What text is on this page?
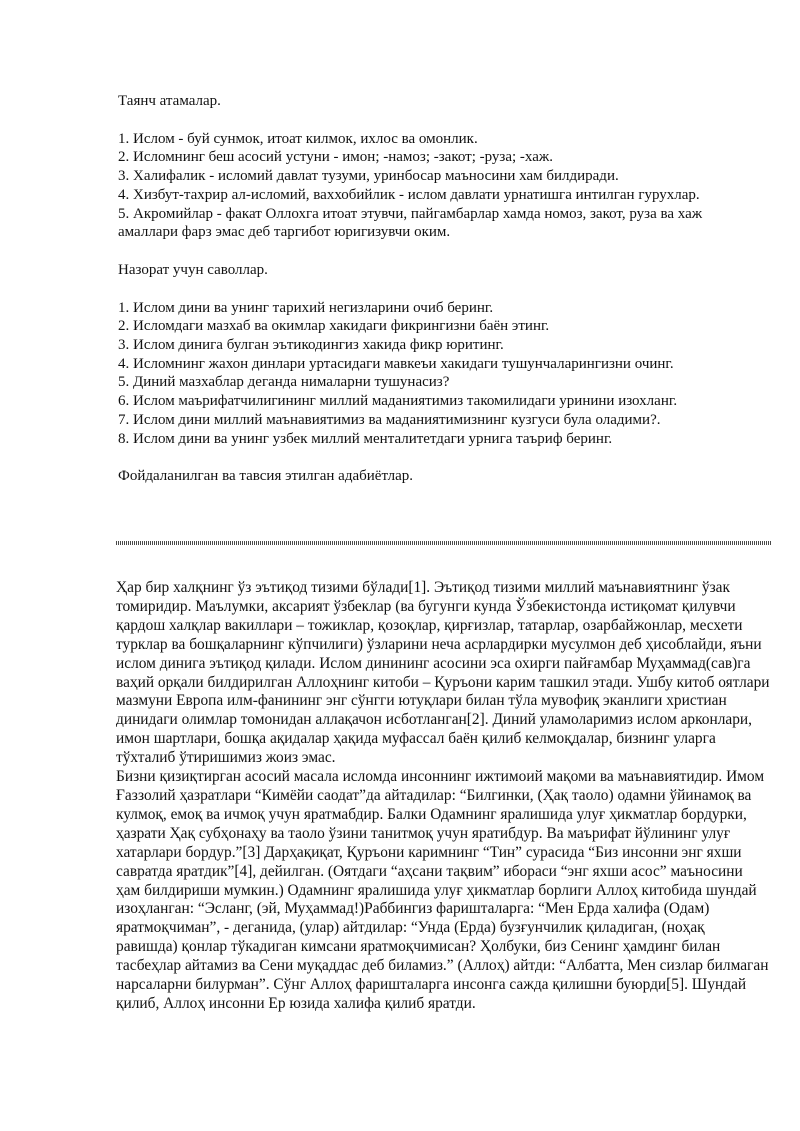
Таянч атамалар.

1. Ислом - буй сунмок, итоат килмок, ихлос ва омонлик.
2. Исломнинг беш асосий устуни - имон; -намоз; -закот; -руза; -хаж.
3. Халифалик - исломий давлат тузуми, уринбосар маъносини хам билдиради.
4. Хизбут-тахрир ал-исломий, ваххобийлик - ислом давлати урнатишга интилган гурухлар.
5. Акромийлар - факат Оллохга итоат этувчи, пайгамбарлар хамда номоз, закот, руза ва хаж амаллари фарз эмас деб таргибот юригизувчи оким.

Назорат учун саволлар.

1. Ислом дини ва унинг тарихий негизларини очиб беринг.
2. Исломдаги мазхаб ва окимлар хакидаги фикрингизни баён этинг.
3. Ислом динига булган эътикодингиз хакида фикр юритинг.
4. Исломнинг жахон динлари уртасидаги мавкеъи хакидаги тушунчаларингизни очинг.
5. Диний мазхаблар деганда нималарни тушунасиз?
6. Ислом маърифатчилигининг миллий маданиятимиз такомилидаги уринини изохланг.
7. Ислом дини миллий маънавиятимиз ва маданиятимизнинг кузгуси була оладими?.
8. Ислом дини ва унинг узбек миллий менталитетдаги урнига таъриф беринг.

Фойдаланилган ва тавсия этилган адабиётлар.

Ҳар бир халқнинг ўз эътиқод тизими бўлади[1]. Эътиқод тизими миллий маънавиятнинг ўзак томиридир. Маълумки, аксарият ўзбеклар (ва бугунги кунда Ўзбекистонда истиқомат қилувчи қардош халқлар вакиллари – тожиклар, қозоқлар, қирғизлар, татарлар, озарбайжонлар, месхети турклар ва бошқаларнинг кўпчилиги) ўзларини неча асрлардирки мусулмон деб ҳисоблайди, яъни ислом динига эътиқод қилади. Ислом динининг асосини эса охирги пайғамбар Муҳаммад(сав)га ваҳий орқали билдирилган Аллоҳнинг китоби – Қуръони карим ташкил этади. Ушбу китоб оятлари мазмуни Европа илм-фанининг энг сўнгги ютуқлари билан тўла мувофиқ эканлиги христиан динидаги олимлар томонидан аллақачон исботланган[2]. Диний уламоларимиз ислом арконлари, имон шартлари, бошқа ақидалар ҳақида муфассал баён қилиб келмоқдалар, бизнинг уларга тўхталиб ўтиришимиз жоиз эмас.

Бизни қизиқтирган асосий масала исломда инсоннинг ижтимоий мақоми ва маънавиятидир. Имом Ғаззолий ҳазратлари “Кимёйи саодат”да айтадилар: “Билгинки, (Ҳақ таоло) одамни ўйинамоқ ва кулмоқ, емоқ ва ичмоқ учун яратмабдир. Балки Одамнинг яралишида улуғ ҳикматлар бордурки, ҳазрати Ҳақ субҳонаҳу ва таоло ўзини танитмоқ учун яратибдур. Ва маърифат йўлининг улуғ хатарлари бордур.”[3] Дарҳақиқат, Қуръони каримнинг “Тин” сурасида “Биз инсонни энг яхши савратда яратдик”[4], дейилган. (Оятдаги “аҳсани тақвим” ибораси “энг яхши асос” маъносини ҳам билдириши мумкин.) Одамнинг яралишида улуғ ҳикматлар борлиги Аллоҳ китобида шундай изоҳланган: “Эсланг, (эй, Муҳаммад!)Раббингиз фаришталарга: “Мен Ерда халифа (Одам) яратмоқчиман”, - деганида, (улар) айтдилар: “Унда (Ерда) бузғунчилик қиладиган, (ноҳақ равишда) қонлар тўкадиган кимсани яратмоқчимисан? Ҳолбуки, биз Сенинг ҳамдинг билан тасбеҳлар айтамиз ва Сени муқаддас деб биламиз.” (Аллоҳ) айтди: “Албатта, Мен сизлар билмаган нарсаларни билурман”. Сўнг Аллоҳ фаришталарга инсонга сажда қилишни буюрди[5]. Шундай қилиб, Аллоҳ инсонни Ер юзида халифа қилиб яратди.
